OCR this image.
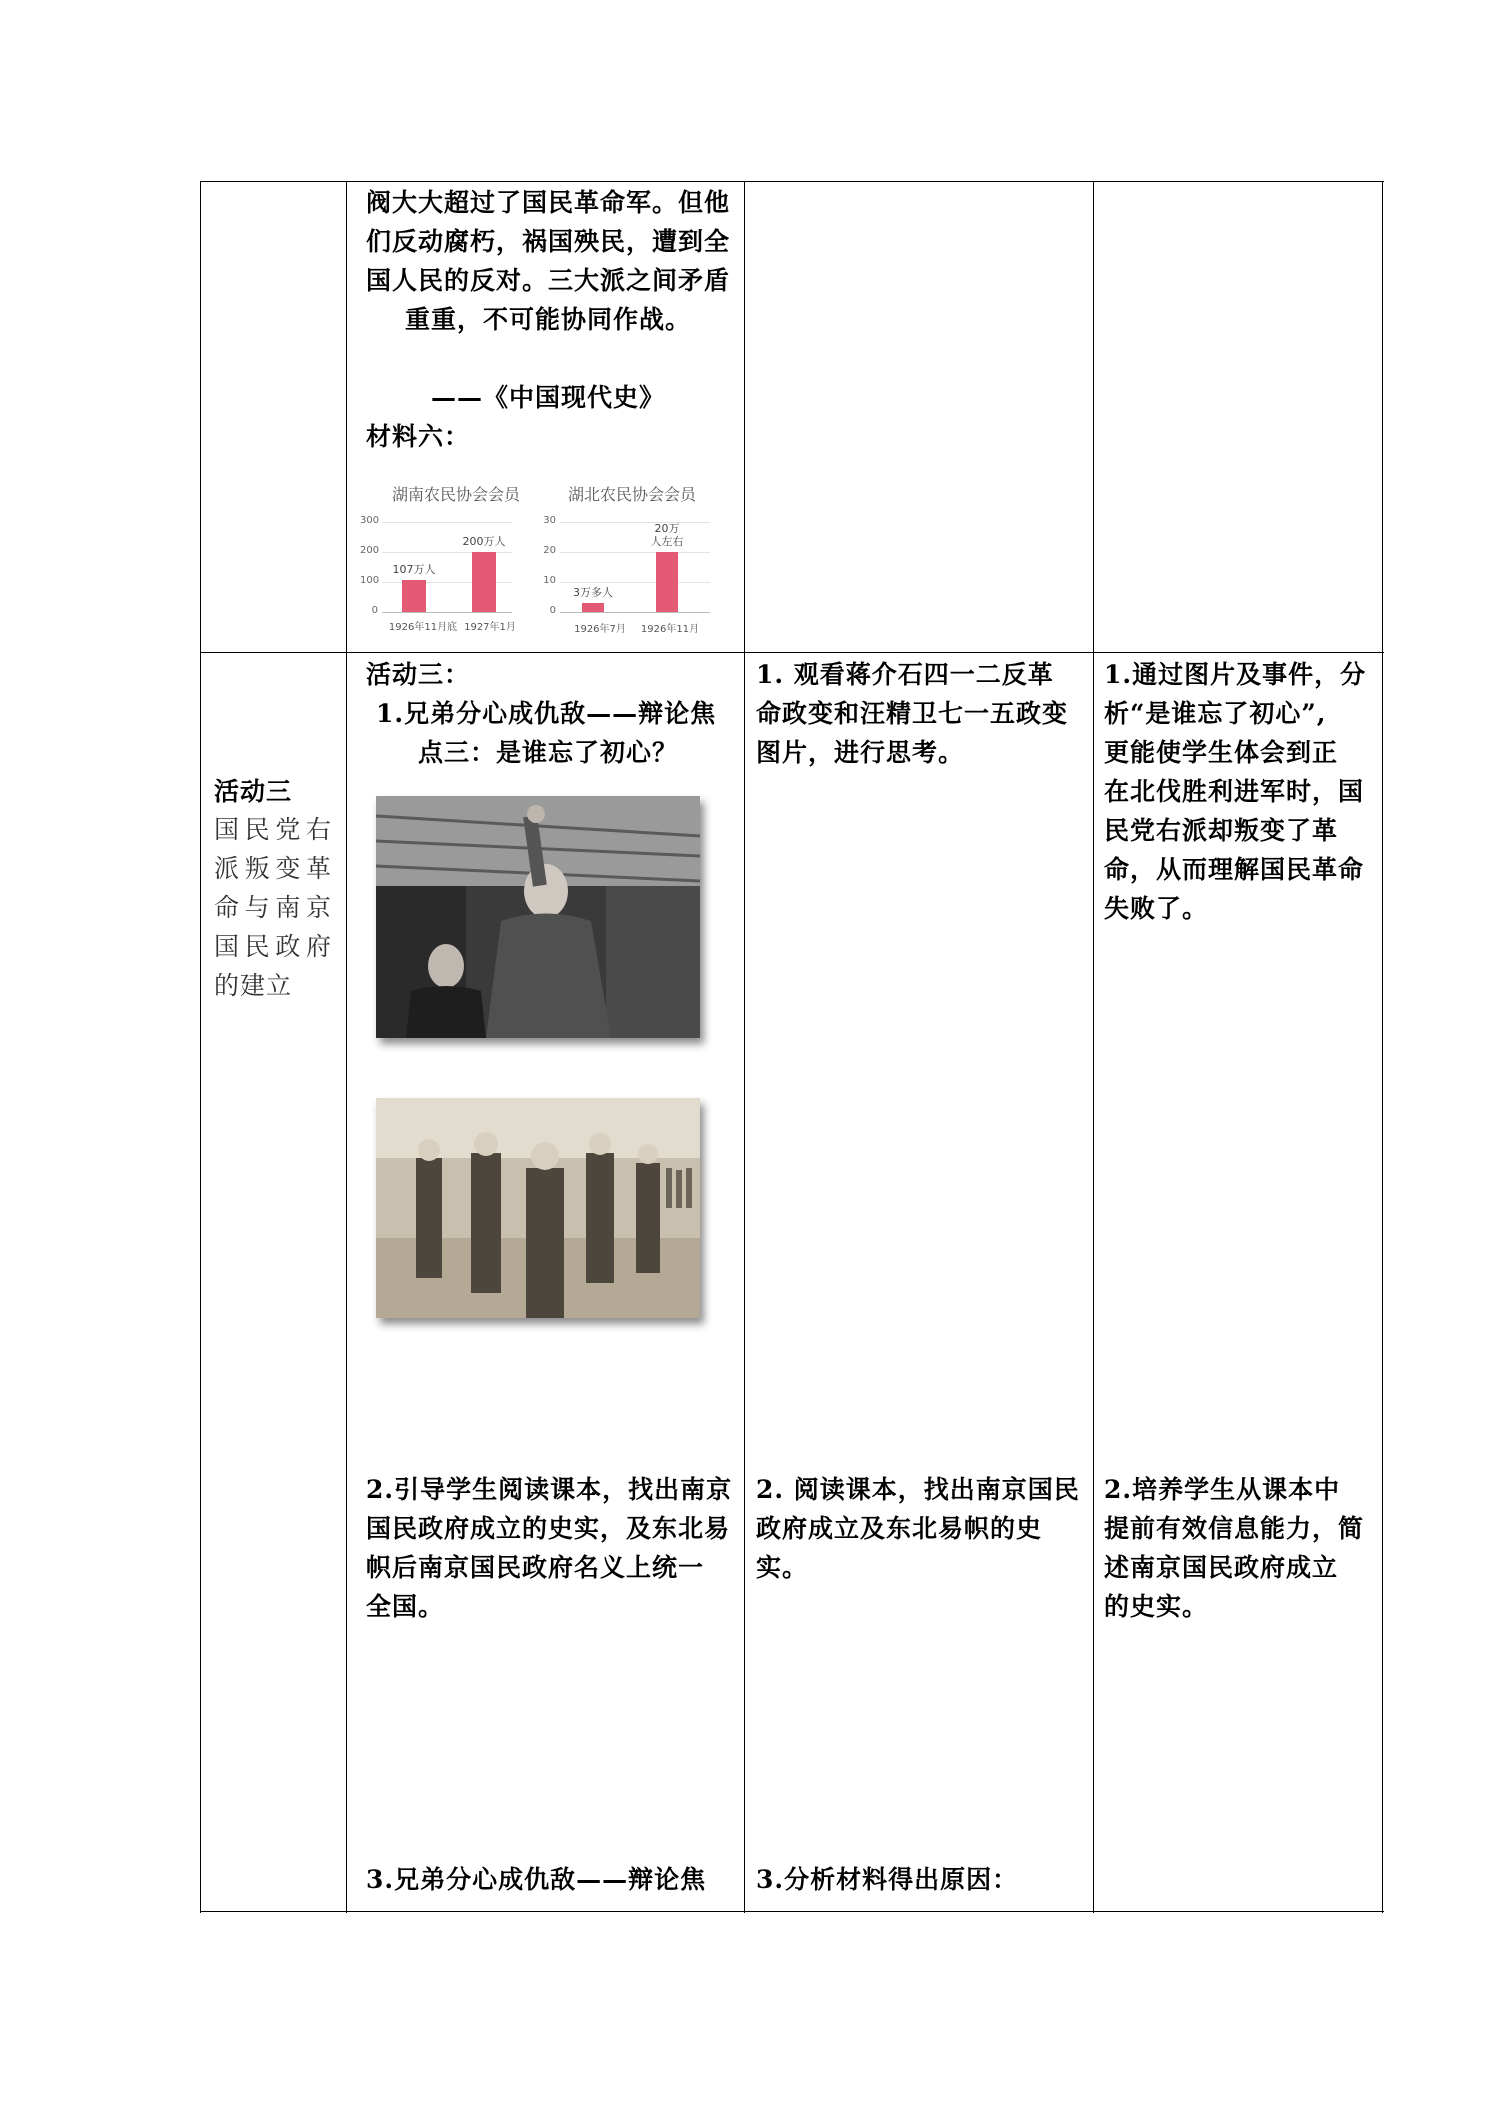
阀大大超过了国民革命军。但他
们反动腐朽，祸国殃民，遭到全
国人民的反对。三大派之间矛盾
重重，不可能协同作战。
——《中国现代史》
材料六：
湖南农民协会会员
300
200
100
0
107万人
200万人
1926年11月底 1927年1月
湖北农民协会会员
30
20
10
0
3万多人
20万
人左右
1926年7月	1926年11月
活动三
国民党右
派叛变革
命与南京
国民政府
的建立
活动三：
1.兄弟分心成仇敌——辩论焦
点三：是谁忘了初心？
2.引导学生阅读课本，找出南京
国民政府成立的史实，及东北易
帜后南京国民政府名义上统一
全国。
3.兄弟分心成仇敌——辩论焦
1. 观看蒋介石四一二反革
命政变和汪精卫七一五政变
图片，进行思考。
2. 阅读课本，找出南京国民
政府成立及东北易帜的史
实。
3.分析材料得出原因：
1.通过图片及事件，分
析“是谁忘了初心”,
更能使学生体会到正
在北伐胜利进军时，国
民党右派却叛变了革
命，从而理解国民革命
失败了。
2.培养学生从课本中
提前有效信息能力，简
述南京国民政府成立
的史实。
